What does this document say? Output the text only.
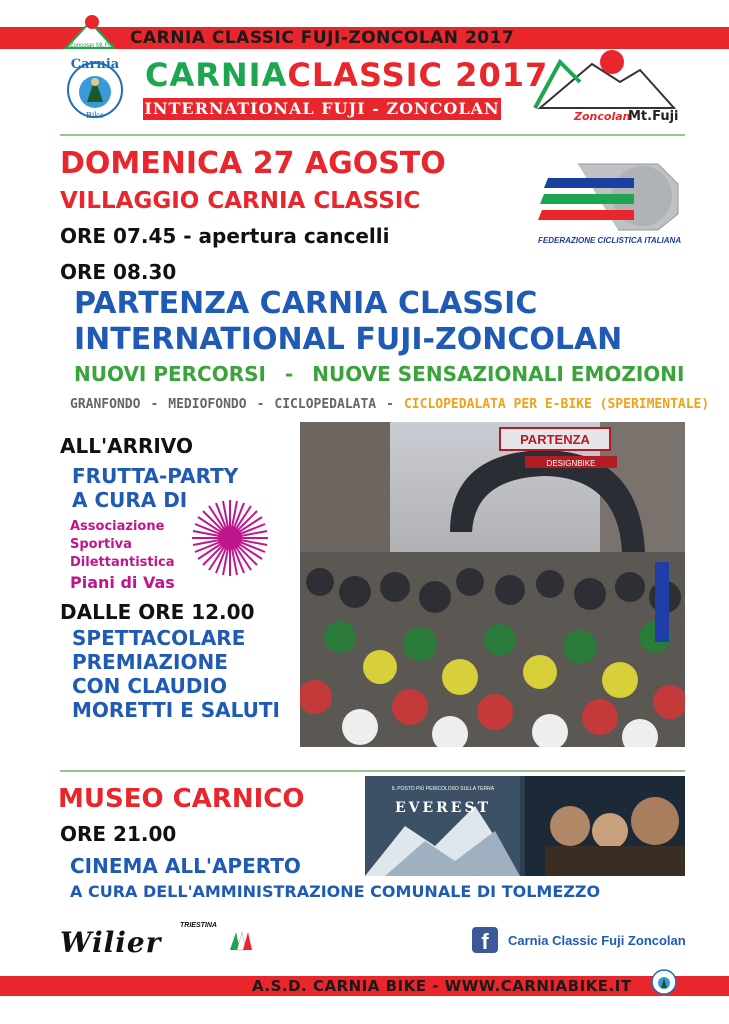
CARNIA CLASSIC FUJI-ZONCOLAN 2017
Zoncolan Mt.Fuji
Carnia
Bike
CARNIACLASSIC 2017
INTERNATIONAL FUJI - ZONCOLAN	Zoncolan
Mt.Fuji
DOMENICA 27 AGOSTO
VILLAGGIO CARNIA CLASSIC
ORE 07.45 - apertura cancelli
ORE 08.30
FEDERAZIONE CICLISTICA ITALIANA
PARTENZA CARNIA CLASSIC
INTERNATIONAL FUJI-ZONCOLAN
NUOVI PERCORSI - NUOVE SENSAZIONALI EMOZIONI
GRANFONDO - MEDIOFONDO - CICLOPEDALATA - CICLOPEDALATA PER E-BIKE (SPERIMENTALE)
ALL'ARRIVO
FRUTTA-PARTY
A CURA DI
Associazione
Sportiva
Dilettantistica
Piani di Vas
DALLE ORE 12.00
SPETTACOLARE
PREMIAZIONE
CON CLAUDIO
MORETTI E SALUTI
PARTENZA
DESIGNBIKE
MUSEO CARNICO
ORE 21.00
CINEMA ALL'APERTO
A CURA DELL'AMMINISTRAZIONE COMUNALE DI TOLMEZZO
IL POSTO PIÙ PERICOLOSO SULLA TERRA
EVEREST
Wilier
TRIESTINA
f	Carnia Classic Fuji Zoncolan
A.S.D. CARNIA BIKE - WWW.CARNIABIKE.IT
